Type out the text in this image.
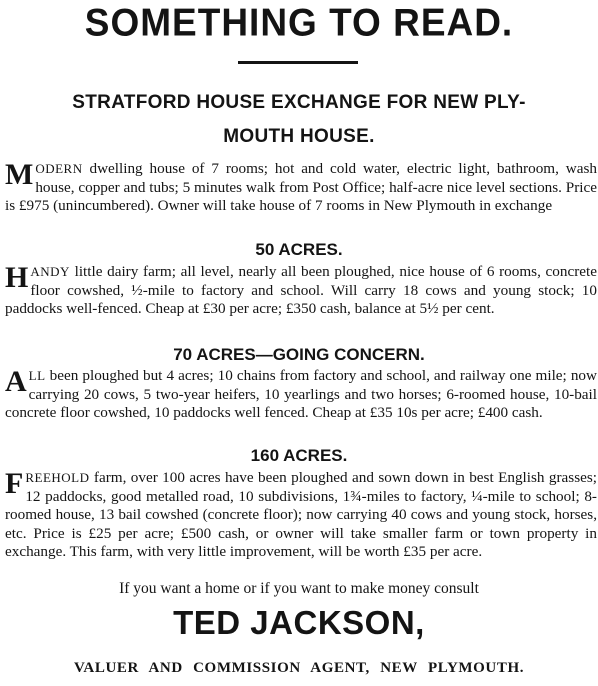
SOMETHING TO READ.
STRATFORD HOUSE EXCHANGE FOR NEW PLY-
MOUTH HOUSE.
MODERN dwelling house of 7 rooms; hot and cold water, electric light, bathroom, wash house, copper and tubs; 5 minutes walk from Post Office; half-acre nice level sections. Price is £975 (unincumbered). Owner will take house of 7 rooms in New Plymouth in exchange
50 ACRES.
HANDY little dairy farm; all level, nearly all been ploughed, nice house of 6 rooms, concrete floor cowshed, ½-mile to factory and school. Will carry 18 cows and young stock; 10 paddocks well-fenced. Cheap at £30 per acre; £350 cash, balance at 5½ per cent.
70 ACRES—GOING CONCERN.
ALL been ploughed but 4 acres; 10 chains from factory and school, and railway one mile; now carrying 20 cows, 5 two-year heifers, 10 yearlings and two horses; 6-roomed house, 10-bail concrete floor cowshed, 10 paddocks well fenced. Cheap at £35 10s per acre; £400 cash.
160 ACRES.
FREEHOLD farm, over 100 acres have been ploughed and sown down in best English grasses; 12 paddocks, good metalled road, 10 subdivisions, 1¾-miles to factory, ¼-mile to school; 8-roomed house, 13 bail cowshed (concrete floor); now carrying 40 cows and young stock, horses, etc. Price is £25 per acre; £500 cash, or owner will take smaller farm or town property in exchange. This farm, with very little improvement, will be worth £35 per acre.
If you want a home or if you want to make money consult
TED JACKSON,
VALUER AND COMMISSION AGENT, NEW PLYMOUTH.
